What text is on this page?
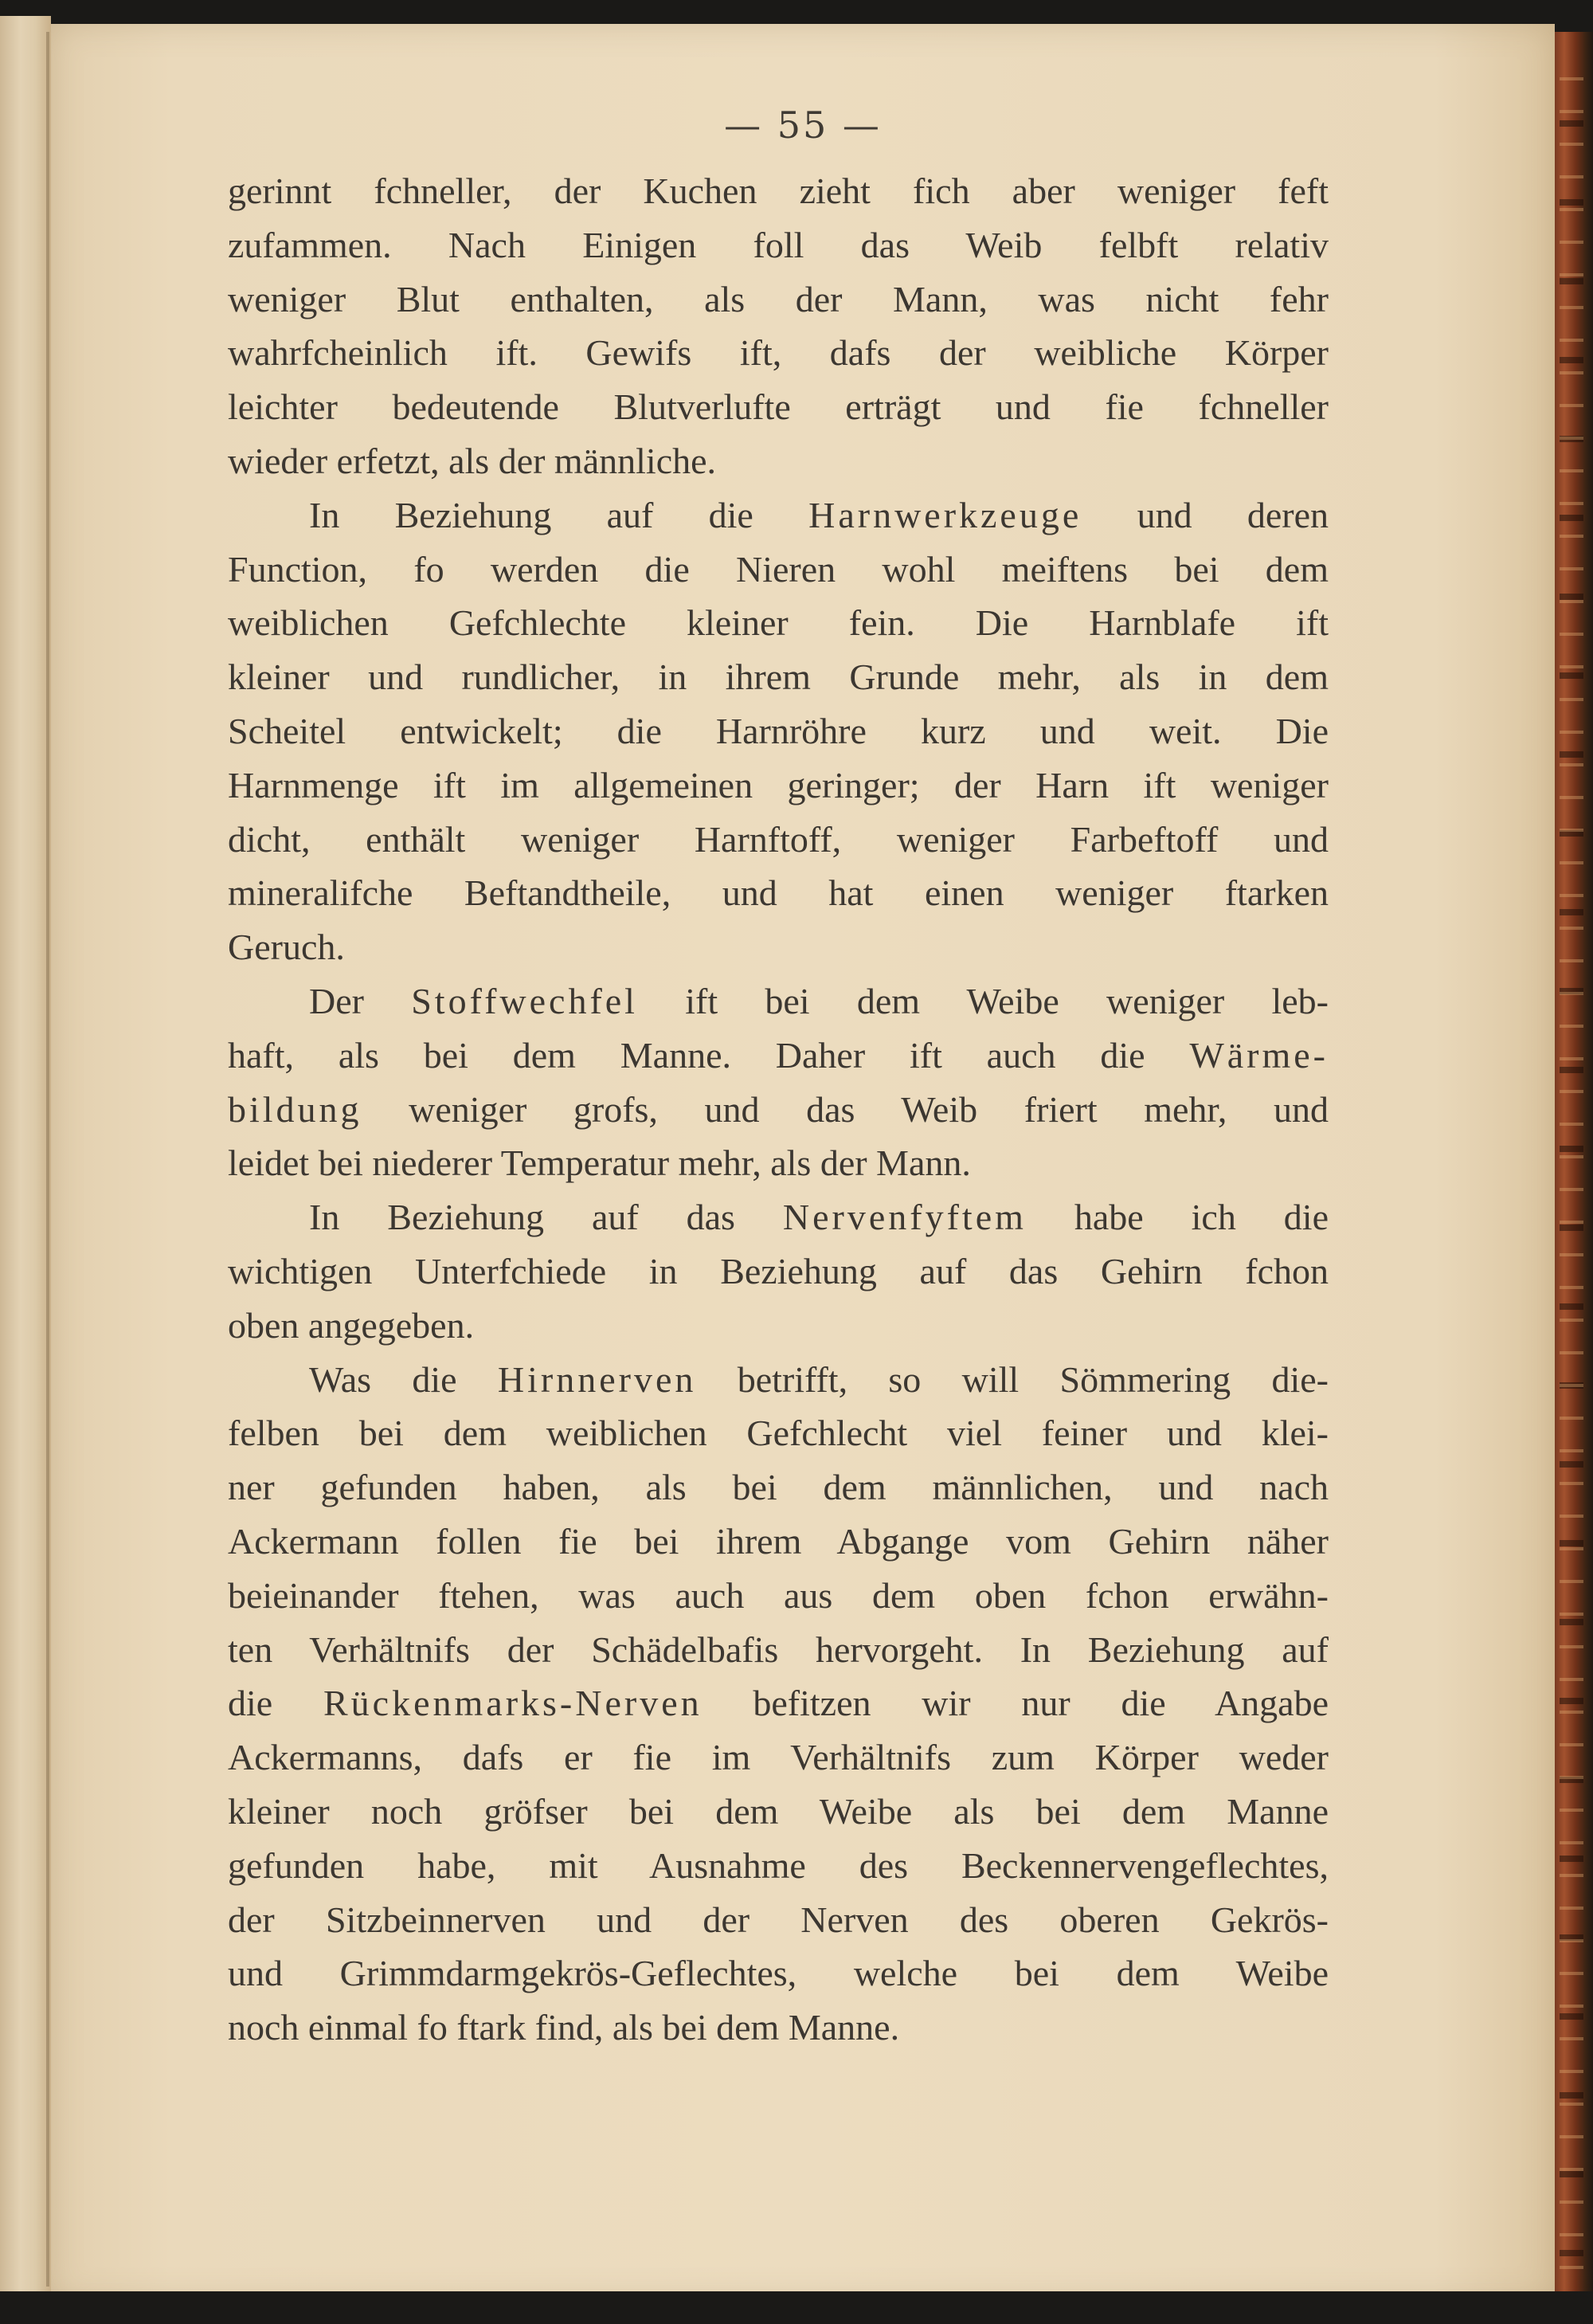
— 55 —
gerinnt fchneller, der Kuchen zieht fich aber weniger feft
zufammen. Nach Einigen foll das Weib felbft relativ
weniger Blut enthalten, als der Mann, was nicht fehr
wahrfcheinlich ift. Gewifs ift, dafs der weibliche Körper
leichter bedeutende Blutverlufte erträgt und fie fchneller
wieder erfetzt, als der männliche.
In Beziehung auf die Harnwerkzeuge und deren
Function, fo werden die Nieren wohl meiftens bei dem
weiblichen Gefchlechte kleiner fein. Die Harnblafe ift
kleiner und rundlicher, in ihrem Grunde mehr, als in dem
Scheitel entwickelt; die Harnröhre kurz und weit. Die
Harnmenge ift im allgemeinen geringer; der Harn ift weniger
dicht, enthält weniger Harnftoff, weniger Farbeftoff und
mineralifche Beftandtheile, und hat einen weniger ftarken
Geruch.
Der Stoffwechfel ift bei dem Weibe weniger leb-
haft, als bei dem Manne. Daher ift auch die Wärme-
bildung weniger grofs, und das Weib friert mehr, und
leidet bei niederer Temperatur mehr, als der Mann.
In Beziehung auf das Nervenfyftem habe ich die
wichtigen Unterfchiede in Beziehung auf das Gehirn fchon
oben angegeben.
Was die Hirnnerven betrifft, so will Sömmering die-
felben bei dem weiblichen Gefchlecht viel feiner und klei-
ner gefunden haben, als bei dem männlichen, und nach
Ackermann follen fie bei ihrem Abgange vom Gehirn näher
beieinander ftehen, was auch aus dem oben fchon erwähn-
ten Verhältnifs der Schädelbafis hervorgeht. In Beziehung auf
die Rückenmarks-Nerven befitzen wir nur die Angabe
Ackermanns, dafs er fie im Verhältnifs zum Körper weder
kleiner noch gröfser bei dem Weibe als bei dem Manne
gefunden habe, mit Ausnahme des Beckennervengeflechtes,
der Sitzbeinnerven und der Nerven des oberen Gekrös-
und Grimmdarmgekrös-Geflechtes, welche bei dem Weibe
noch einmal fo ftark find, als bei dem Manne.
